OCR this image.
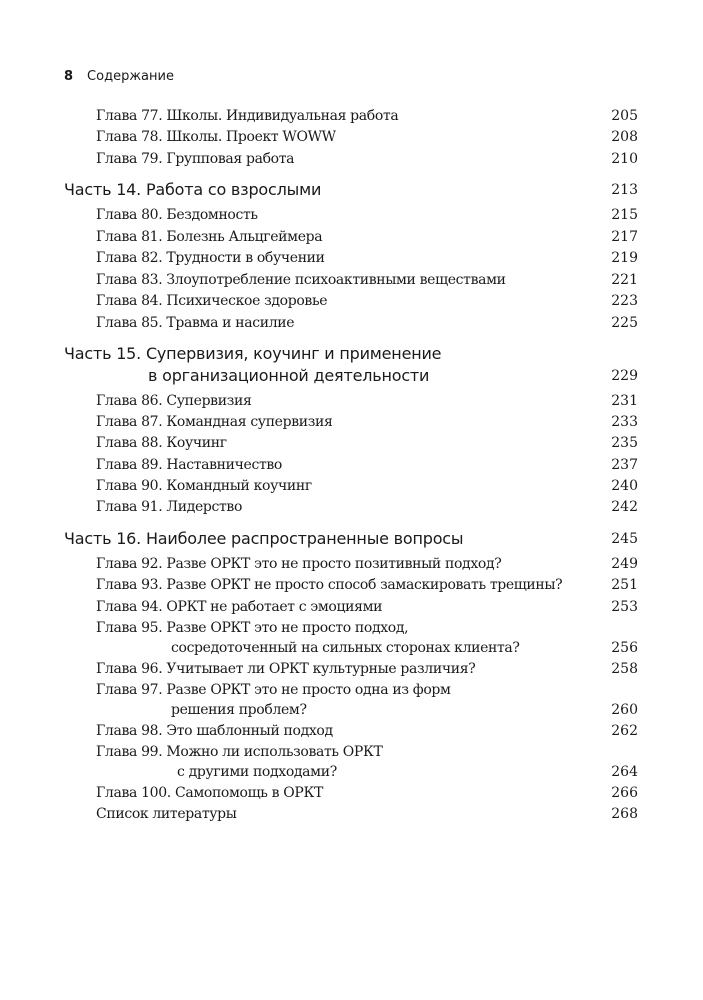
8 Содержание
Глава 77. Школы. Индивидуальная работа	205
Глава 78. Школы. Проект WOWW	208
Глава 79. Групповая работа	210
Часть 14. Работа со взрослыми	213
Глава 80. Бездомность	215
Глава 81. Болезнь Альцгеймера	217
Глава 82. Трудности в обучении	219
Глава 83. Злоупотребление психоактивными веществами	221
Глава 84. Психическое здоровье	223
Глава 85. Травма и насилие	225
Часть 15. Супервизия, коучинг и применение
в организационной деятельности	229
Глава 86. Супервизия	231
Глава 87. Командная супервизия	233
Глава 88. Коучинг	235
Глава 89. Наставничество	237
Глава 90. Командный коучинг	240
Глава 91. Лидерство	242
Часть 16. Наиболее распространенные вопросы	245
Глава 92. Разве ОРКТ это не просто позитивный подход?	249
Глава 93. Разве ОРКТ не просто способ замаскировать трещины?	251
Глава 94. ОРКТ не работает с эмоциями	253
Глава 95. Разве ОРКТ это не просто подход,
сосредоточенный на сильных сторонах клиента?	256
Глава 96. Учитывает ли ОРКТ культурные различия?	258
Глава 97. Разве ОРКТ это не просто одна из форм
решения проблем?	260
Глава 98. Это шаблонный подход	262
Глава 99. Можно ли использовать ОРКТ
с другими подходами?	264
Глава 100. Самопомощь в ОРКТ	266
Список литературы	268
